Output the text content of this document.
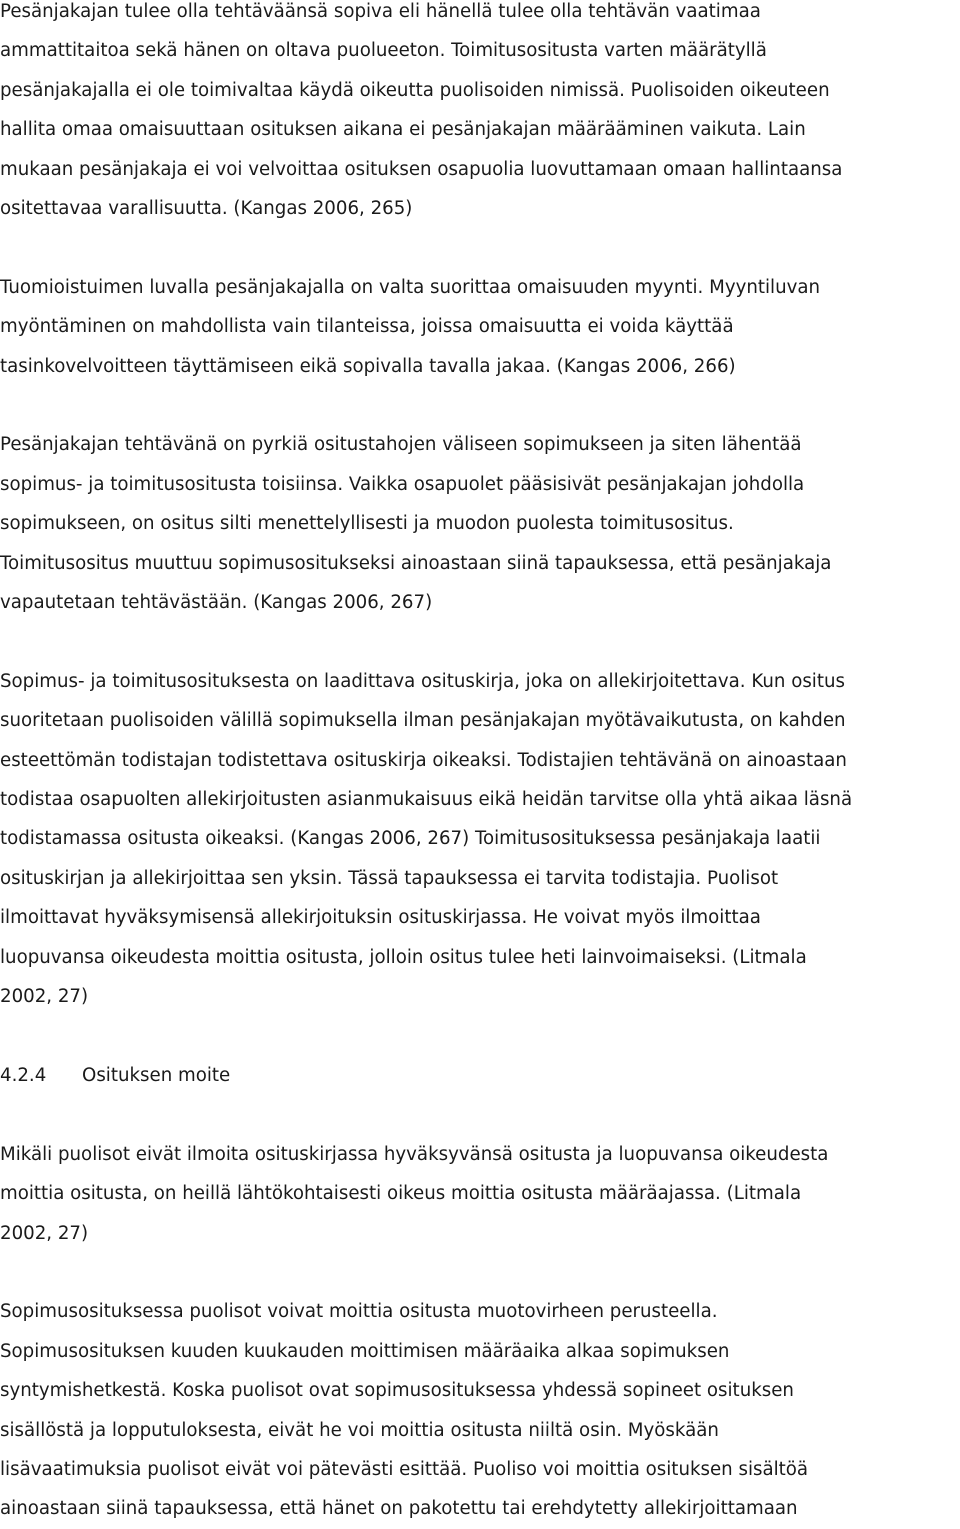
Pesänjakajan tulee olla tehtäväänsä sopiva eli hänellä tulee olla tehtävän vaatimaa
ammattitaitoa sekä hänen on oltava puolueeton. Toimitusositusta varten määrätyllä
pesänjakajalla ei ole toimivaltaa käydä oikeutta puolisoiden nimissä. Puolisoiden oikeuteen
hallita omaa omaisuuttaan osituksen aikana ei pesänjakajan määrääminen vaikuta. Lain
mukaan pesänjakaja ei voi velvoittaa osituksen osapuolia luovuttamaan omaan hallintaansa
ositettavaa varallisuutta. (Kangas 2006, 265)

Tuomioistuimen luvalla pesänjakajalla on valta suorittaa omaisuuden myynti. Myyntiluvan
myöntäminen on mahdollista vain tilanteissa, joissa omaisuutta ei voida käyttää
tasinkovelvoitteen täyttämiseen eikä sopivalla tavalla jakaa. (Kangas 2006, 266)

Pesänjakajan tehtävänä on pyrkiä ositustahojen väliseen sopimukseen ja siten lähentää
sopimus- ja toimitusositusta toisiinsa. Vaikka osapuolet pääsisivät pesänjakajan johdolla
sopimukseen, on ositus silti menettelyllisesti ja muodon puolesta toimitusositus.
Toimitusositus muuttuu sopimusositukseksi ainoastaan siinä tapauksessa, että pesänjakaja
vapautetaan tehtävästään. (Kangas 2006, 267)

Sopimus- ja toimitusosituksesta on laadittava osituskirja, joka on allekirjoitettava. Kun ositus
suoritetaan puolisoiden välillä sopimuksella ilman pesänjakajan myötävaikutusta, on kahden
esteettömän todistajan todistettava osituskirja oikeaksi. Todistajien tehtävänä on ainoastaan
todistaa osapuolten allekirjoitusten asianmukaisuus eikä heidän tarvitse olla yhtä aikaa läsnä
todistamassa ositusta oikeaksi. (Kangas 2006, 267) Toimitusosituksessa pesänjakaja laatii
osituskirjan ja allekirjoittaa sen yksin. Tässä tapauksessa ei tarvita todistajia. Puolisot
ilmoittavat hyväksymisensä allekirjoituksin osituskirjassa. He voivat myös ilmoittaa
luopuvansa oikeudesta moittia ositusta, jolloin ositus tulee heti lainvoimaiseksi. (Litmala
2002, 27)

4.2.4 Osituksen moite

Mikäli puolisot eivät ilmoita osituskirjassa hyväksyvänsä ositusta ja luopuvansa oikeudesta
moittia ositusta, on heillä lähtökohtaisesti oikeus moittia ositusta määräajassa. (Litmala
2002, 27)

Sopimusosituksessa puolisot voivat moittia ositusta muotovirheen perusteella.
Sopimusosituksen kuuden kuukauden moittimisen määräaika alkaa sopimuksen
syntymishetkestä. Koska puolisot ovat sopimusosituksessa yhdessä sopineet osituksen
sisällöstä ja lopputuloksesta, eivät he voi moittia ositusta niiltä osin. Myöskään
lisävaatimuksia puolisot eivät voi pätevästi esittää. Puoliso voi moittia osituksen sisältöä
ainoastaan siinä tapauksessa, että hänet on pakotettu tai erehdytetty allekirjoittamaan
